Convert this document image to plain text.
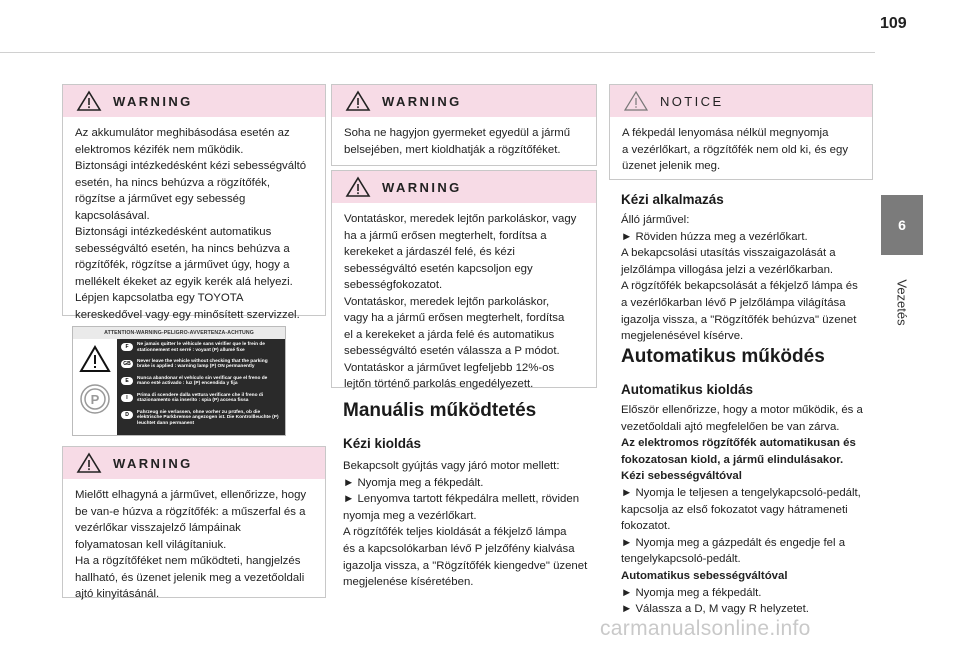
109
6
Vezetés
WARNING

Az akkumulátor meghibásodása esetén az
elektromos kézifék nem működik.
Biztonsági intézkedésként kézi sebességváltó
esetén, ha nincs behúzva a rögzítőfék,
rögzítse a járművet egy sebesség
kapcsolásával.
Biztonsági intézkedésként automatikus
sebességváltó esetén, ha nincs behúzva a
rögzítőfék, rögzítse a járművet úgy, hogy a
mellékelt ékeket az egyik kerék alá helyezi.
Lépjen kapcsolatba egy TOYOTA
kereskedővel vagy egy minősített szervizzel.

ATTENTION-WARNING-PELIGRO-AVVERTENZA-ACHTUNG
P
F	Ne jamais quitter le véhicule sans vérifier que le frein de stationnement est serré : voyant (P) allumé fixe
GB	Never leave the vehicle without checking that the parking brake is applied : warning lamp (P) ON permanently
E	Nunca abandonar el vehículo sin verificar que el freno de mano esté activado : luz (P) encendida y fija
I	Prima di scendere dalla vettura verificare che il freno di stazionamento sia inserito : spia (P) accesa fissa
D	Fahrzeug nie verlassen, ohne vorher zu prüfen, ob die elektrische Parkbremse angezogen ist. Die Kontrollleuchte (P) leuchtet dann permanent
WARNING

Mielőtt elhagyná a járművet, ellenőrizze, hogy
be van-e húzva a rögzítőfék: a műszerfal és a
vezérlőkar visszajelző lámpáinak
folyamatosan kell világítaniuk.
Ha a rögzítőféket nem működteti, hangjelzés
hallható, és üzenet jelenik meg a vezetőoldali
ajtó kinyitásánál.

WARNING

Soha ne hagyjon gyermeket egyedül a jármű
belsejében, mert kioldhatják a rögzítőféket.

WARNING

Vontatáskor, meredek lejtőn parkoláskor, vagy
ha a jármű erősen megterhelt, fordítsa a
kerekeket a járdaszél felé, és kézi
sebességváltó esetén kapcsoljon egy
sebességfokozatot.
Vontatáskor, meredek lejtőn parkoláskor,
vagy ha a jármű erősen megterhelt, fordítsa
el a kerekeket a járda felé és automatikus
sebességváltó esetén válassza a P módot.
Vontatáskor a járművet legfeljebb 12%-os
lejtőn történő parkolás engedélyezett.

Manuális működtetés
Kézi kioldás
Bekapcsolt gyújtás vagy járó motor mellett:
► Nyomja meg a fékpedált.
► Lenyomva tartott fékpedálra mellett, röviden
nyomja meg a vezérlőkart.
A rögzítőfék teljes kioldását a fékjelző lámpa
és a kapcsolókarban lévő P jelzőfény kialvása
igazolja vissza, a "Rögzítőfék kiengedve" üzenet
megjelenése kíséretében.
NOTICE

A fékpedál lenyomása nélkül megnyomja
a vezérlőkart, a rögzítőfék nem old ki, és egy
üzenet jelenik meg.

Kézi alkalmazás
Álló járművel:
► Röviden húzza meg a vezérlőkart.
A bekapcsolási utasítás visszaigazolását a
jelzőlámpa villogása jelzi a vezérlőkarban.
A rögzítőfék bekapcsolását a fékjelző lámpa és
a vezérlőkarban lévő P jelzőlámpa világítása
igazolja vissza, a "Rögzítőfék behúzva" üzenet
megjelenésével kísérve.
Automatikus működés
Automatikus kioldás
Először ellenőrizze, hogy a motor működik, és a
vezetőoldali ajtó megfelelően be van zárva.
Az elektromos rögzítőfék automatikusan és
fokozatosan kiold, a jármű elindulásakor.
Kézi sebességváltóval
► Nyomja le teljesen a tengelykapcsoló-pedált,
kapcsolja az első fokozatot vagy hátrameneti
fokozatot.
► Nyomja meg a gázpedált és engedje fel a
tengelykapcsoló-pedált.
Automatikus sebességváltóval
► Nyomja meg a fékpedált.
► Válassza a D, M vagy R helyzetet.
carmanualsonline.info
